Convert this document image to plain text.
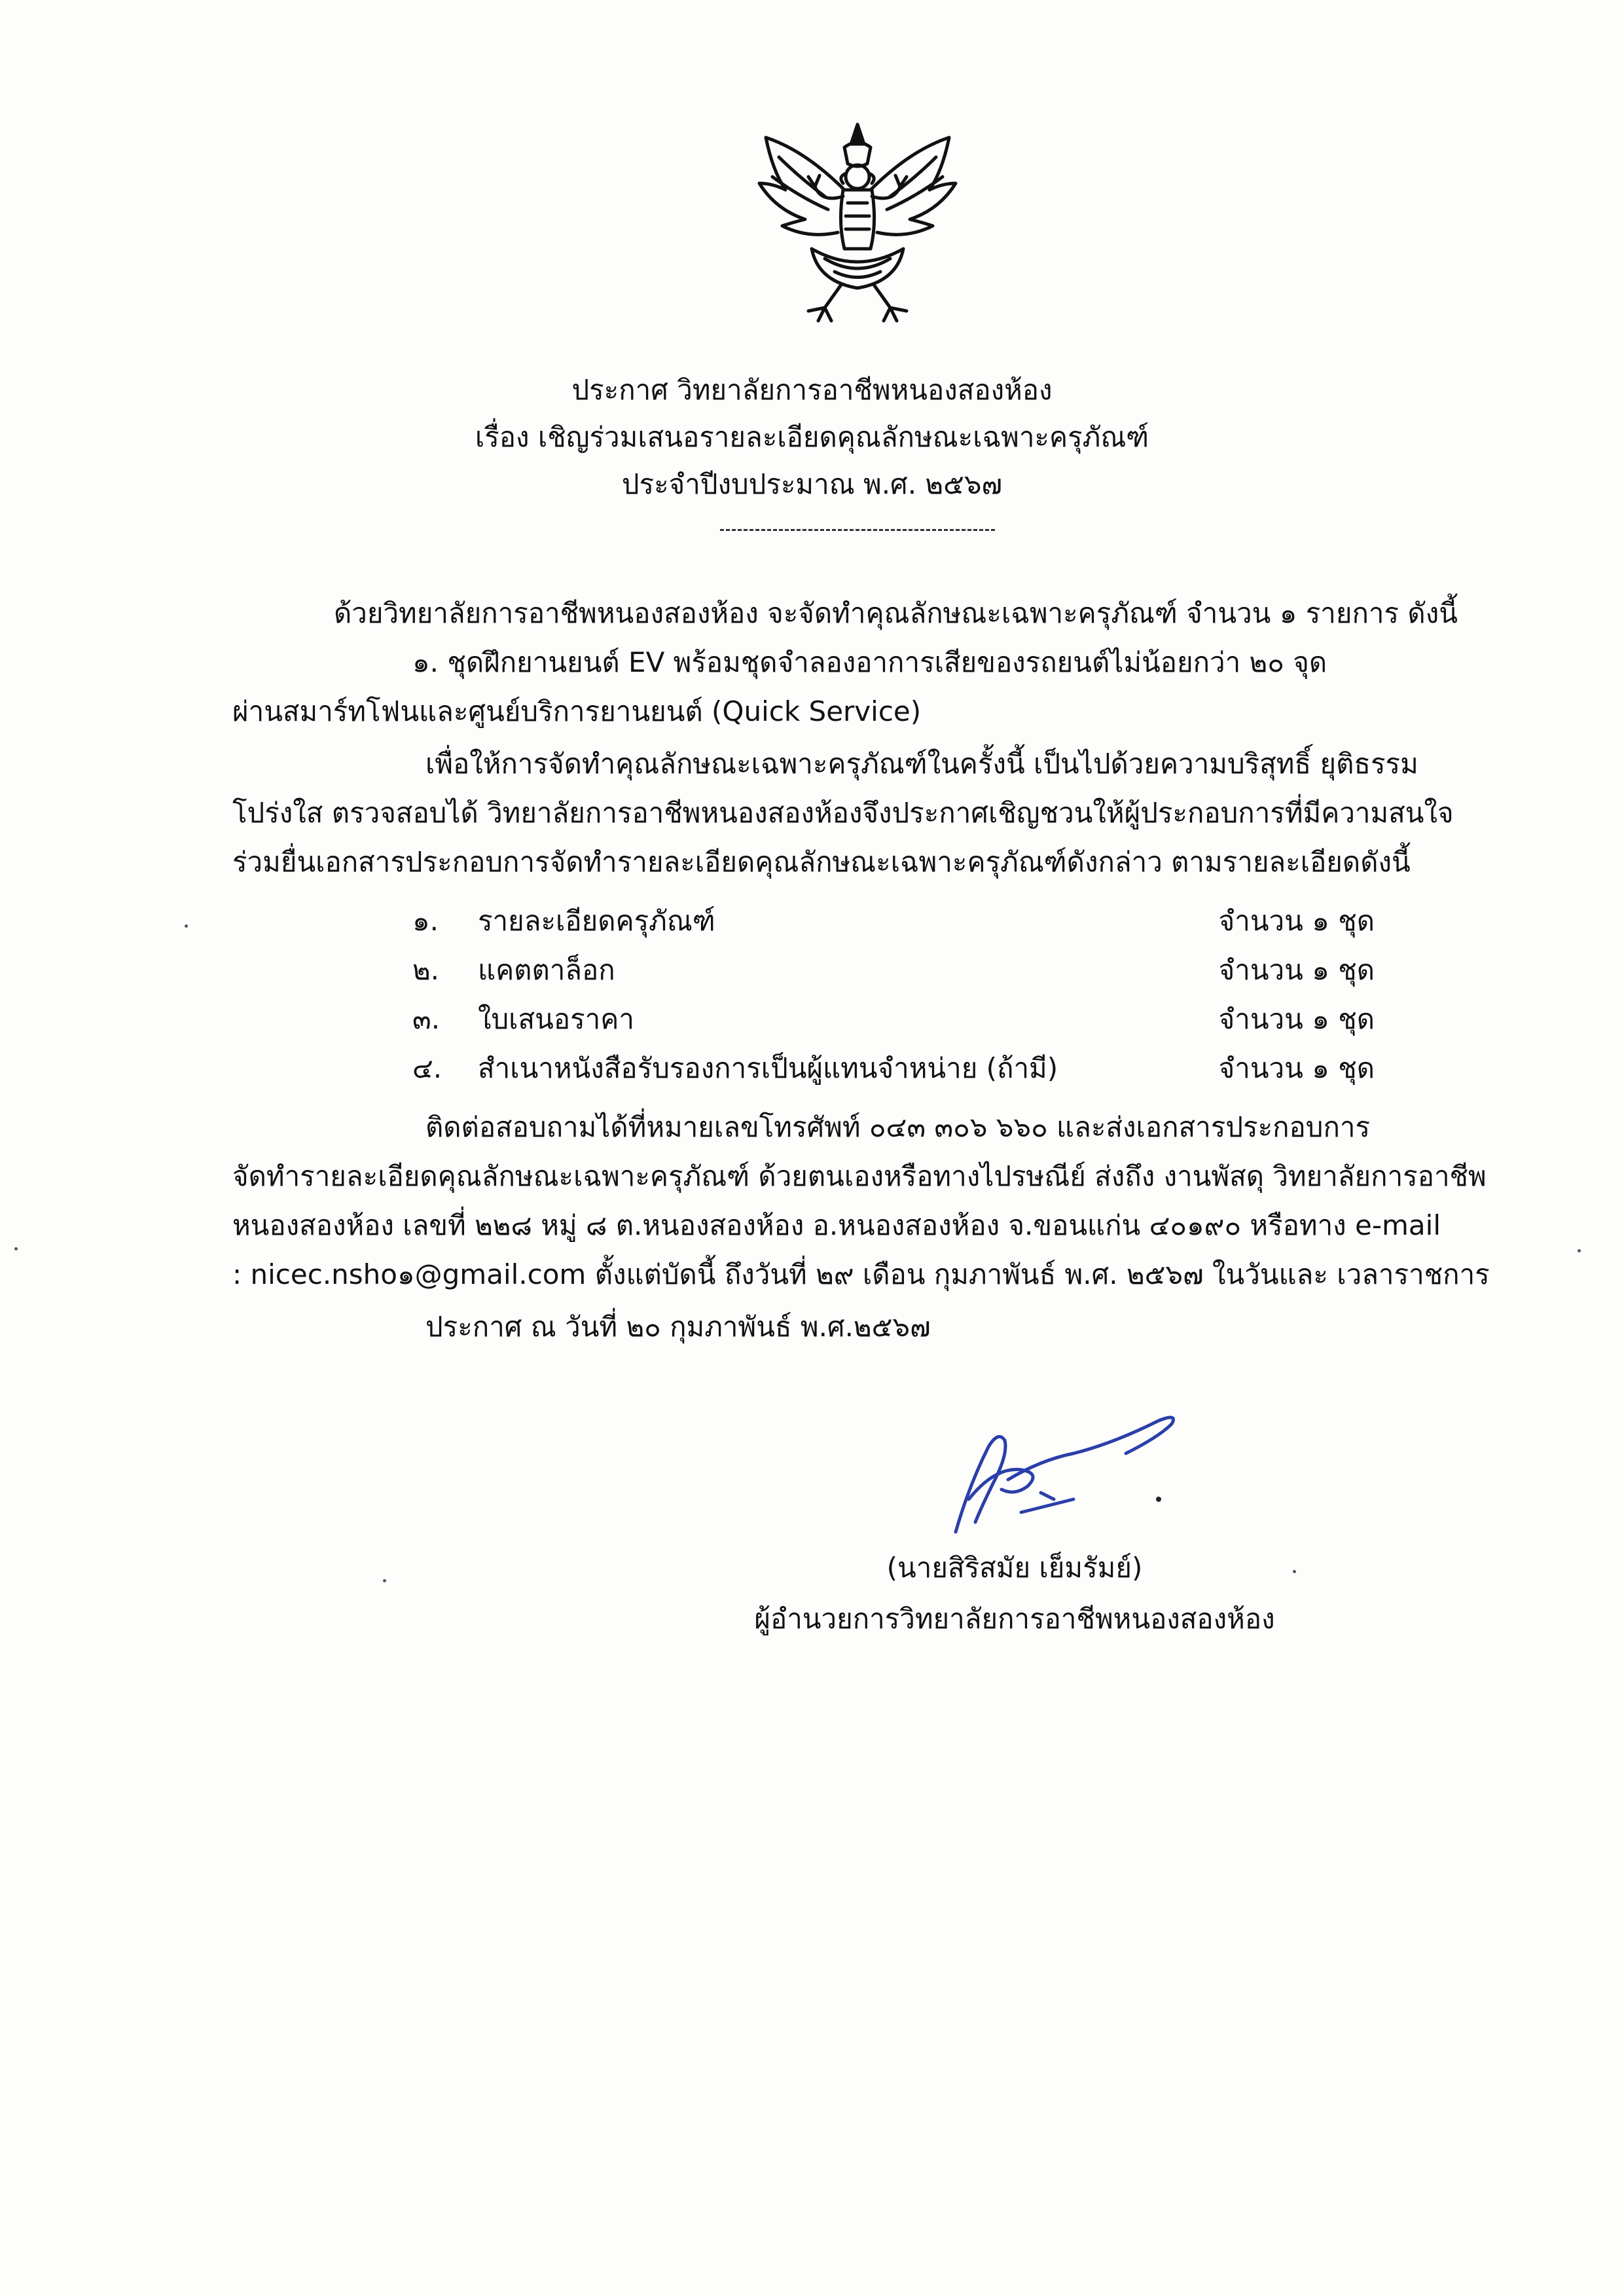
ประกาศ วิทยาลัยการอาชีพหนองสองห้อง
เรื่อง เชิญร่วมเสนอรายละเอียดคุณลักษณะเฉพาะครุภัณฑ์
ประจำปีงบประมาณ พ.ศ. ๒๕๖๗
ด้วยวิทยาลัยการอาชีพหนองสองห้อง จะจัดทำคุณลักษณะเฉพาะครุภัณฑ์ จำนวน ๑ รายการ ดังนี้
๑. ชุดฝึกยานยนต์ EV พร้อมชุดจำลองอาการเสียของรถยนต์ไม่น้อยกว่า ๒๐ จุด
ผ่านสมาร์ทโฟนและศูนย์บริการยานยนต์ (Quick Service)
เพื่อให้การจัดทำคุณลักษณะเฉพาะครุภัณฑ์ในครั้งนี้ เป็นไปด้วยความบริสุทธิ์ ยุติธรรม
โปร่งใส ตรวจสอบได้ วิทยาลัยการอาชีพหนองสองห้องจึงประกาศเชิญชวนให้ผู้ประกอบการที่มีความสนใจ
ร่วมยื่นเอกสารประกอบการจัดทำรายละเอียดคุณลักษณะเฉพาะครุภัณฑ์ดังกล่าว ตามรายละเอียดดังนี้
๑. รายละเอียดครุภัณฑ์	จำนวน ๑ ชุด
๒. แคตตาล็อก	จำนวน ๑ ชุด
๓. ใบเสนอราคา	จำนวน ๑ ชุด
๔. สำเนาหนังสือรับรองการเป็นผู้แทนจำหน่าย (ถ้ามี)	จำนวน ๑ ชุด
ติดต่อสอบถามได้ที่หมายเลขโทรศัพท์ ๐๔๓ ๓๐๖ ๖๖๐ และส่งเอกสารประกอบการ
จัดทำรายละเอียดคุณลักษณะเฉพาะครุภัณฑ์ ด้วยตนเองหรือทางไปรษณีย์ ส่งถึง งานพัสดุ วิทยาลัยการอาชีพ
หนองสองห้อง เลขที่ ๒๒๘ หมู่ ๘ ต.หนองสองห้อง อ.หนองสองห้อง จ.ขอนแก่น ๔๐๑๙๐ หรือทาง e-mail
: nicec.nsho๑@gmail.com ตั้งแต่บัดนี้ ถึงวันที่ ๒๙ เดือน กุมภาพันธ์ พ.ศ. ๒๕๖๗ ในวันและ เวลาราชการ
ประกาศ ณ วันที่ ๒๐ กุมภาพันธ์ พ.ศ.๒๕๖๗
(นายสิริสมัย เย็มรัมย์)
ผู้อำนวยการวิทยาลัยการอาชีพหนองสองห้อง
